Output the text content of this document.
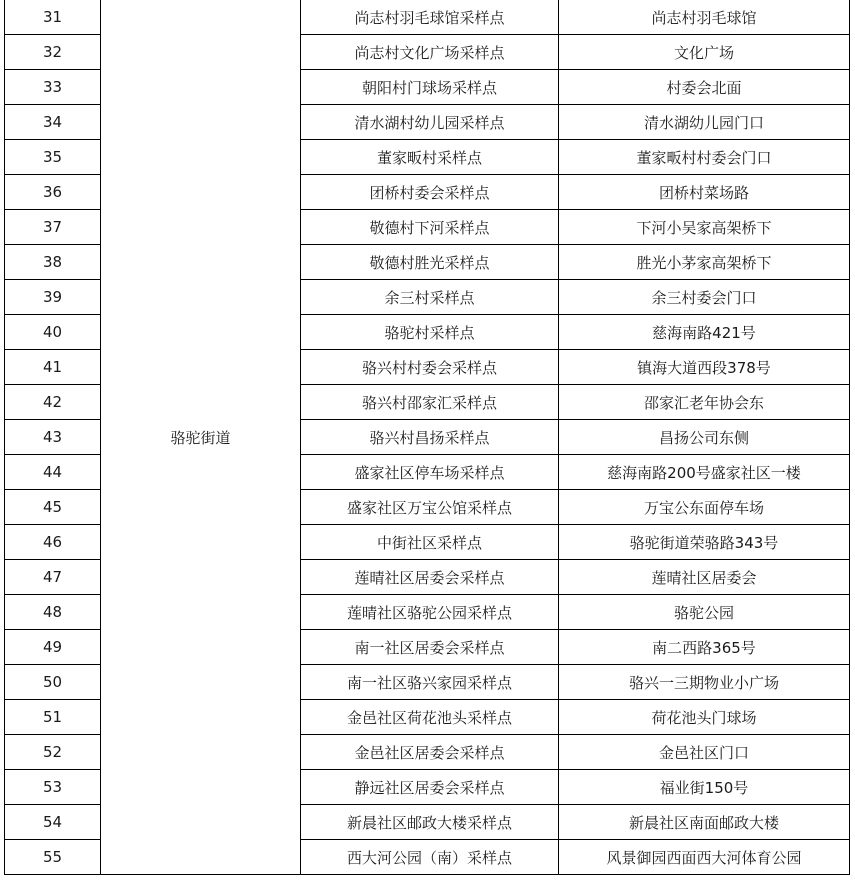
31	骆驼街道	尚志村羽毛球馆采样点	尚志村羽毛球馆
32		尚志村文化广场采样点	文化广场
33		朝阳村门球场采样点	村委会北面
34		清水湖村幼儿园采样点	清水湖幼儿园门口
35		董家畈村采样点	董家畈村村委会门口
36		团桥村委会采样点	团桥村菜场路
37		敬德村下河采样点	下河小吴家高架桥下
38		敬德村胜光采样点	胜光小茅家高架桥下
39		余三村采样点	余三村委会门口
40		骆驼村采样点	慈海南路421号
41		骆兴村村委会采样点	镇海大道西段378号
42		骆兴村邵家汇采样点	邵家汇老年协会东
43		骆兴村昌扬采样点	昌扬公司东侧
44		盛家社区停车场采样点	慈海南路200号盛家社区一楼
45		盛家社区万宝公馆采样点	万宝公东面停车场
46		中街社区采样点	骆驼街道荣骆路343号
47		莲晴社区居委会采样点	莲晴社区居委会
48		莲晴社区骆驼公园采样点	骆驼公园
49		南一社区居委会采样点	南二西路365号
50		南一社区骆兴家园采样点	骆兴一三期物业小广场
51		金邑社区荷花池头采样点	荷花池头门球场
52		金邑社区居委会采样点	金邑社区门口
53		静远社区居委会采样点	福业街150号
54		新晨社区邮政大楼采样点	新晨社区南面邮政大楼
55		西大河公园（南）采样点	风景御园西面西大河体育公园
